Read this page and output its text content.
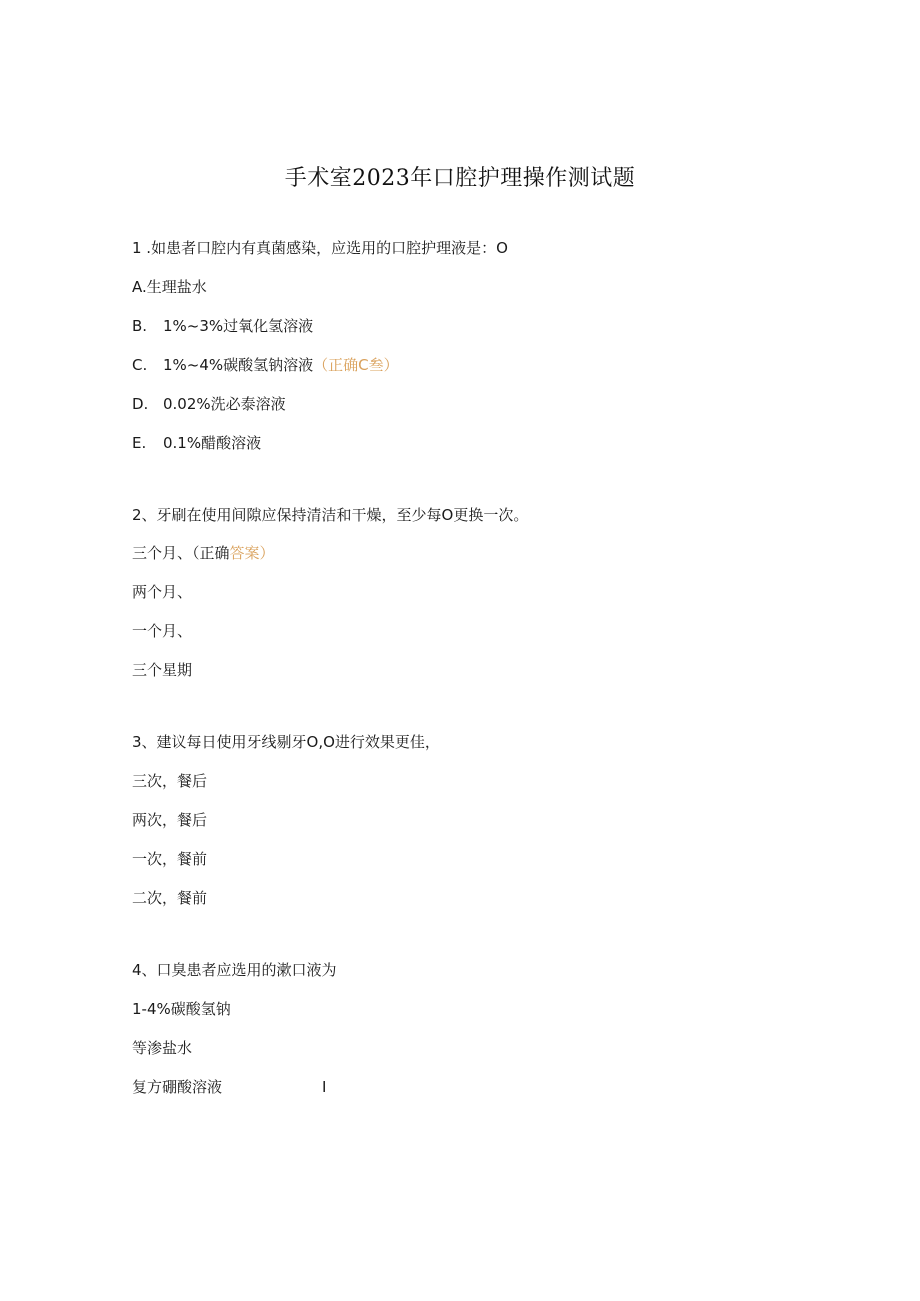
手术室2023年口腔护理操作测试题
1 .如患者口腔内有真菌感染，应选用的口腔护理液是：O
A.生理盐水
B. 1%~3%过氧化氢溶液
C. 1%~4%碳酸氢钠溶液（正确C叁）
D. 0.02%洗必泰溶液
E. 0.1%醋酸溶液
2、牙刷在使用间隙应保持清洁和干燥，至少每O更换一次。
三个月、（正确答案）
两个月、
一个月、
三个星期
3、建议每日使用牙线剔牙O,O进行效果更佳，
三次，餐后
两次，餐后
一次，餐前
二次，餐前
4、口臭患者应选用的漱口液为
1-4%碳酸氢钠
等渗盐水
复方硼酸溶液	I
